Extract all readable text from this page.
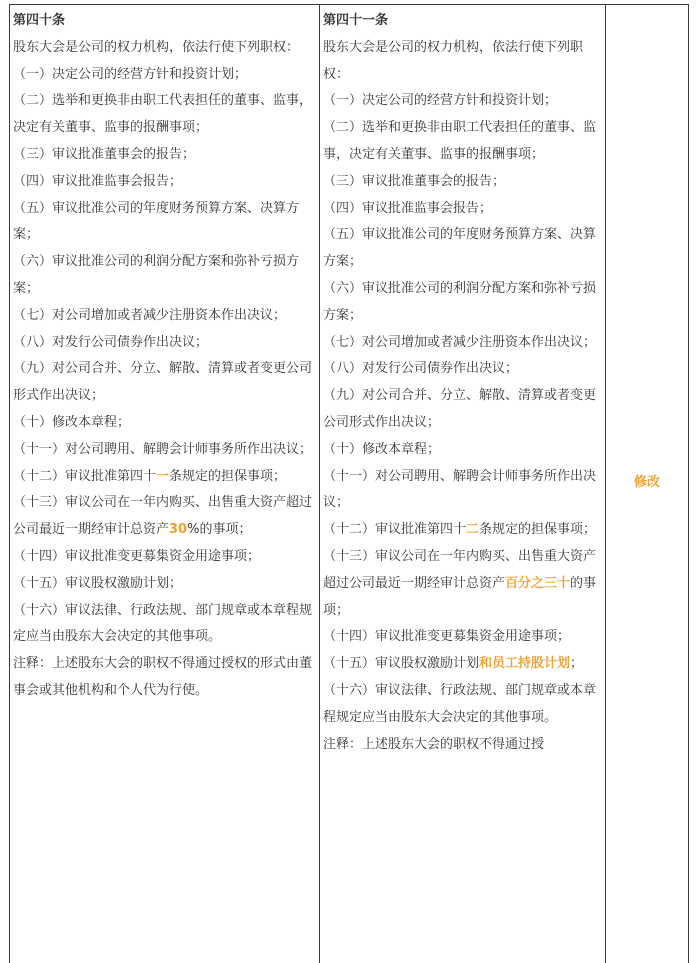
第四十条

股东大会是公司的权力机构，依法行使下列职权：

（一）决定公司的经营方针和投资计划；

（二）选举和更换非由职工代表担任的董事、监事，决定有关董事、监事的报酬事项；

（三）审议批准董事会的报告；

（四）审议批准监事会报告；

（五）审议批准公司的年度财务预算方案、决算方案；

（六）审议批准公司的利润分配方案和弥补亏损方案；

（七）对公司增加或者减少注册资本作出决议；

（八）对发行公司债券作出决议；

（九）对公司合并、分立、解散、清算或者变更公司形式作出决议；

（十）修改本章程；

（十一）对公司聘用、解聘会计师事务所作出决议；

（十二）审议批准第四十一条规定的担保事项；

（十三）审议公司在一年内购买、出售重大资产超过公司最近一期经审计总资产30%的事项；

（十四）审议批准变更募集资金用途事项；

（十五）审议股权激励计划；

（十六）审议法律、行政法规、部门规章或本章程规定应当由股东大会决定的其他事项。

注释：上述股东大会的职权不得通过授权的形式由董事会或其他机构和个人代为行使。

第四十一条

股东大会是公司的权力机构，依法行使下列职权：

（一）决定公司的经营方针和投资计划；

（二）选举和更换非由职工代表担任的董事、监事，决定有关董事、监事的报酬事项；

（三）审议批准董事会的报告；

（四）审议批准监事会报告；

（五）审议批准公司的年度财务预算方案、决算方案；

（六）审议批准公司的利润分配方案和弥补亏损方案；

（七）对公司增加或者减少注册资本作出决议；

（八）对发行公司债券作出决议；

（九）对公司合并、分立、解散、清算或者变更公司形式作出决议；

（十）修改本章程；

（十一）对公司聘用、解聘会计师事务所作出决议；

（十二）审议批准第四十二条规定的担保事项；

（十三）审议公司在一年内购买、出售重大资产超过公司最近一期经审计总资产百分之三十的事项；

（十四）审议批准变更募集资金用途事项；

（十五）审议股权激励计划和员工持股计划；

（十六）审议法律、行政法规、部门规章或本章程规定应当由股东大会决定的其他事项。

注释：上述股东大会的职权不得通过授

修改
